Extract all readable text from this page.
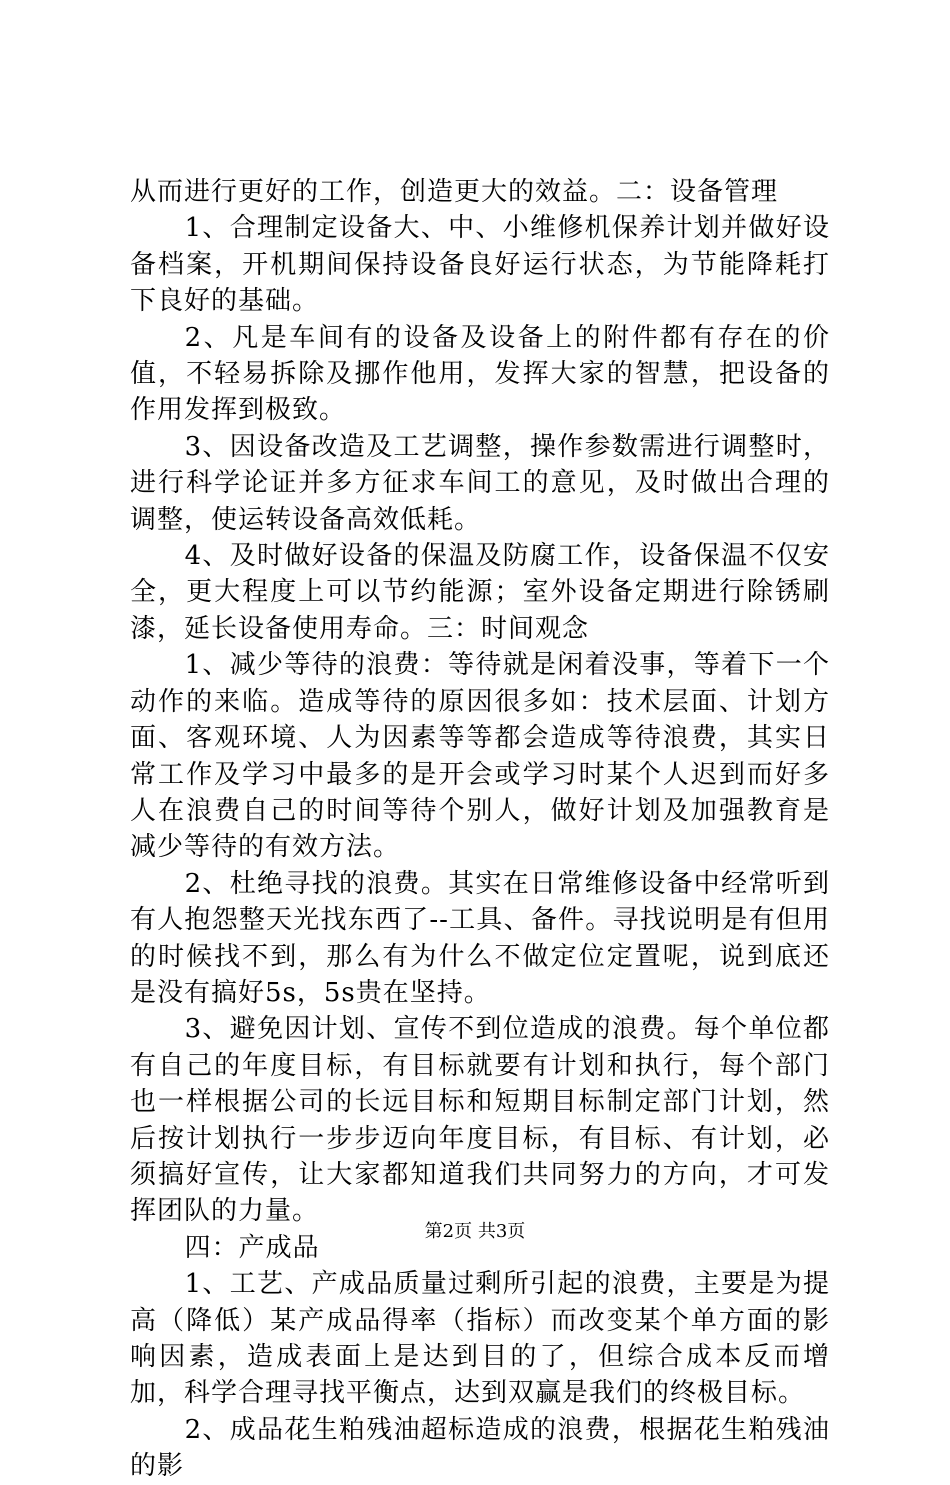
从而进行更好的工作，创造更大的效益。二：设备管理

1、合理制定设备大、中、小维修机保养计划并做好设备档案，开机期间保持设备良好运行状态，为节能降耗打下良好的基础。

2、凡是车间有的设备及设备上的附件都有存在的价值，不轻易拆除及挪作他用，发挥大家的智慧，把设备的作用发挥到极致。

3、因设备改造及工艺调整，操作参数需进行调整时，进行科学论证并多方征求车间工的意见，及时做出合理的调整，使运转设备高效低耗。

4、及时做好设备的保温及防腐工作，设备保温不仅安全，更大程度上可以节约能源；室外设备定期进行除锈刷漆，延长设备使用寿命。三：时间观念

1、减少等待的浪费：等待就是闲着没事，等着下一个动作的来临。造成等待的原因很多如：技术层面、计划方面、客观环境、人为因素等等都会造成等待浪费，其实日常工作及学习中最多的是开会或学习时某个人迟到而好多人在浪费自己的时间等待个别人，做好计划及加强教育是减少等待的有效方法。

2、杜绝寻找的浪费。其实在日常维修设备中经常听到有人抱怨整天光找东西了--工具、备件。寻找说明是有但用的时候找不到，那么有为什么不做定位定置呢，说到底还是没有搞好5s，5s贵在坚持。

3、避免因计划、宣传不到位造成的浪费。每个单位都有自己的年度目标，有目标就要有计划和执行，每个部门也一样根据公司的长远目标和短期目标制定部门计划，然后按计划执行一步步迈向年度目标，有目标、有计划，必须搞好宣传，让大家都知道我们共同努力的方向，才可发挥团队的力量。

四：产成品

1、工艺、产成品质量过剩所引起的浪费，主要是为提高（降低）某产成品得率（指标）而改变某个单方面的影响因素，造成表面上是达到目的了，但综合成本反而增加，科学合理寻找平衡点，达到双赢是我们的终极目标。

2、成品花生粕残油超标造成的浪费，根据花生粕残油的影

第2页 共3页
